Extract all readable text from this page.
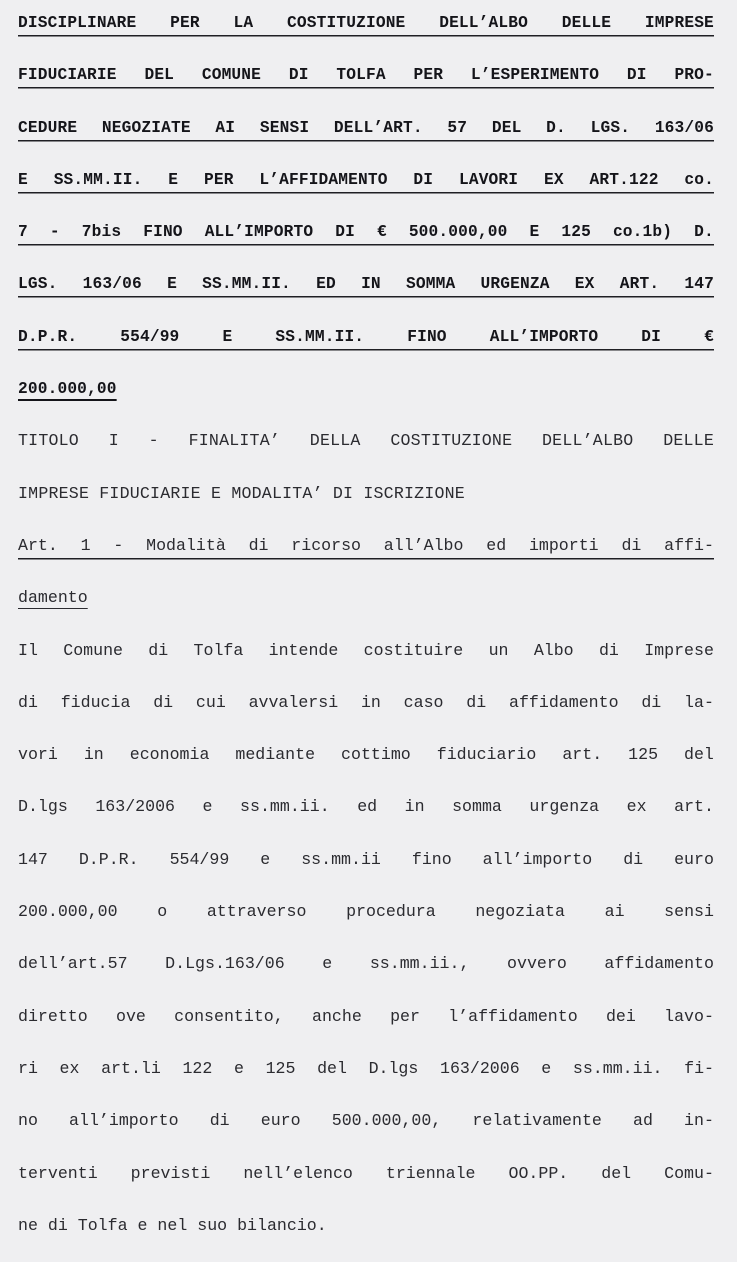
DISCIPLINARE PER LA COSTITUZIONE DELL’ALBO DELLE IMPRESE
FIDUCIARIE DEL COMUNE DI TOLFA PER L’ESPERIMENTO DI PRO-
CEDURE NEGOZIATE AI SENSI DELL’ART. 57 DEL D. LGS. 163/06
E SS.MM.II. E PER L’AFFIDAMENTO DI LAVORI EX ART.122 co.
7 - 7bis FINO ALL’IMPORTO DI € 500.000,00 E 125 co.1b) D.
LGS. 163/06 E SS.MM.II. ED IN SOMMA URGENZA EX ART. 147
D.P.R.	554/99	E	SS.MM.II.	FINO	ALL’IMPORTO	DI	€
200.000,00
TITOLO I - FINALITA’ DELLA COSTITUZIONE DELL’ALBO DELLE
IMPRESE FIDUCIARIE E MODALITA’ DI ISCRIZIONE
Art. 1 - Modalità di ricorso all’Albo ed importi di affi-
damento
Il Comune di Tolfa intende costituire un Albo di Imprese
di fiducia di cui avvalersi in caso di affidamento di la-
vori in economia mediante cottimo fiduciario art. 125 del
D.lgs 163/2006 e ss.mm.ii. ed in somma urgenza ex art.
147 D.P.R. 554/99 e ss.mm.ii fino all’importo di euro
200.000,00 o attraverso procedura negoziata ai sensi
dell’art.57 D.Lgs.163/06 e ss.mm.ii., ovvero affidamento
diretto ove consentito, anche per l’affidamento dei lavo-
ri ex art.li 122 e 125 del D.lgs 163/2006 e ss.mm.ii. fi-
no all’importo di euro 500.000,00, relativamente ad in-
terventi previsti nell’elenco triennale OO.PP. del Comu-
ne di Tolfa e nel suo bilancio.
